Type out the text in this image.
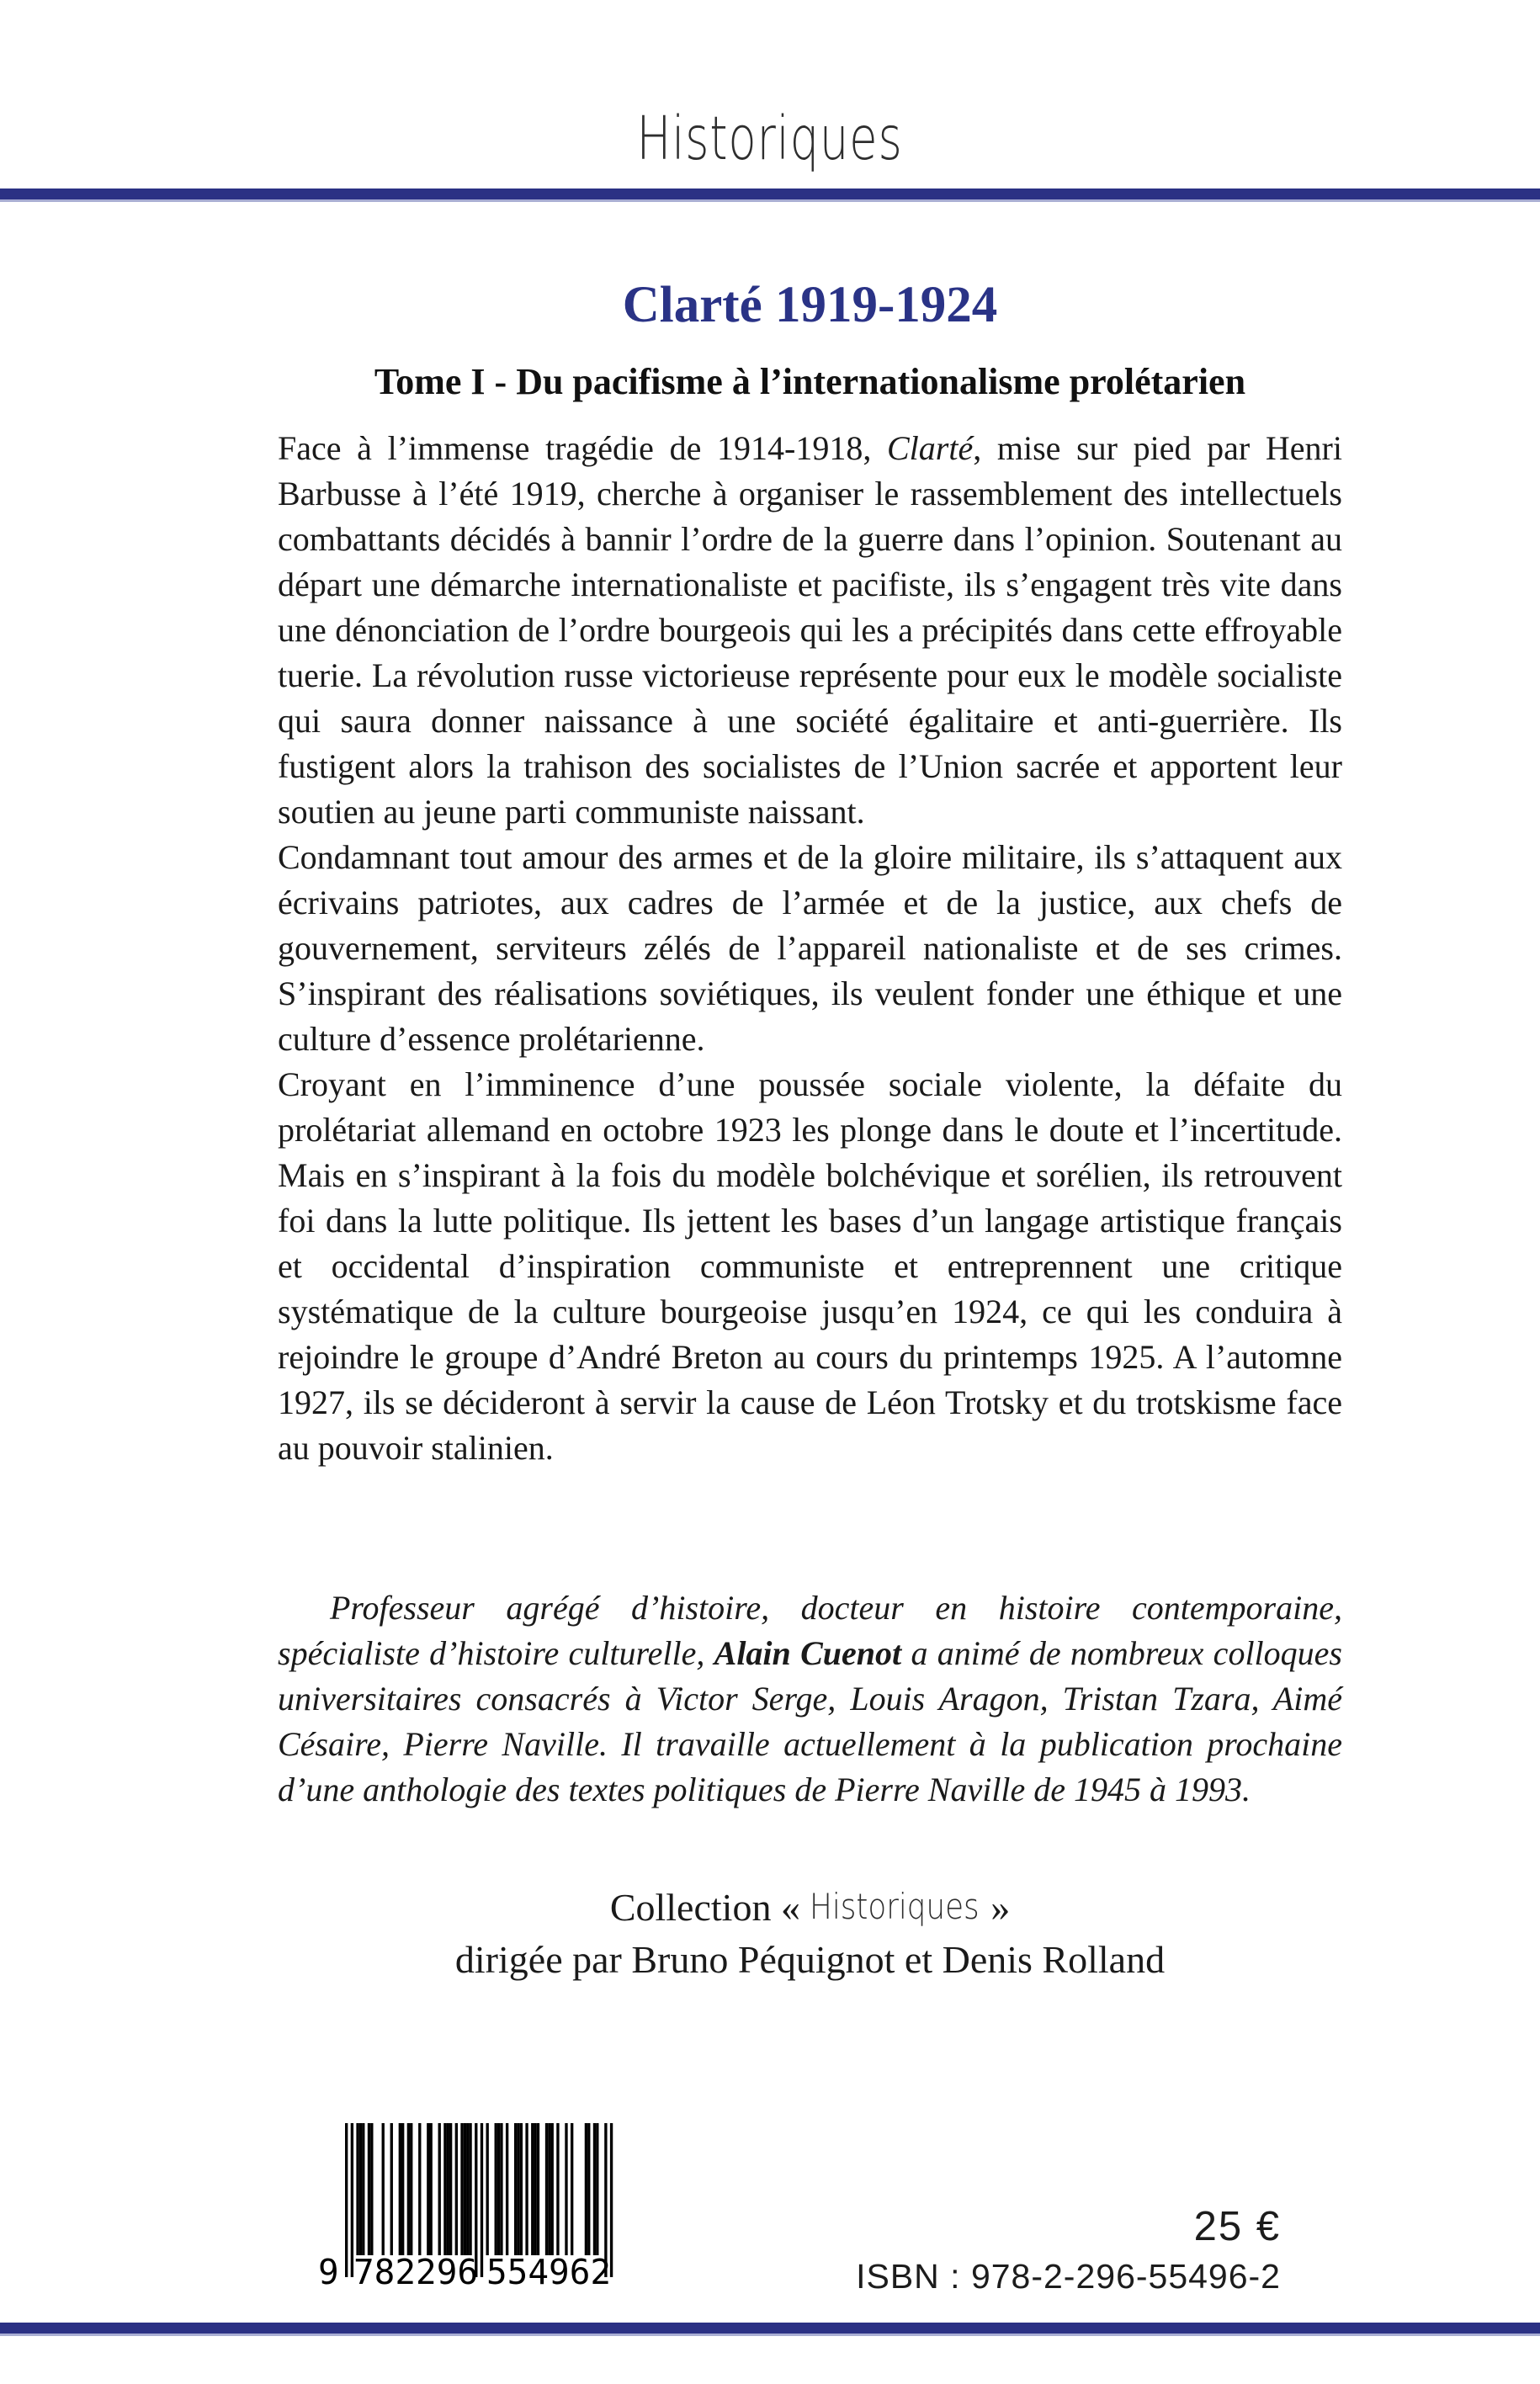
Historiques
Clarté 1919-1924
Tome I - Du pacifisme à l’internationalisme prolétarien

Face à l’immense tragédie de 1914-1918, Clarté, mise sur pied par Henri Barbusse à l’été 1919, cherche à organiser le rassemblement des intellectuels combattants décidés à bannir l’ordre de la guerre dans l’opinion. Soutenant au départ une démarche internationaliste et pacifiste, ils s’engagent très vite dans une dénonciation de l’ordre bourgeois qui les a précipités dans cette effroyable tuerie. La révolution russe victorieuse représente pour eux le modèle socialiste qui saura donner naissance à une société égalitaire et anti-guerrière. Ils fustigent alors la trahison des socialistes de l’Union sacrée et apportent leur soutien au jeune parti communiste naissant.

Condamnant tout amour des armes et de la gloire militaire, ils s’attaquent aux écrivains patriotes, aux cadres de l’armée et de la justice, aux chefs de gouvernement, serviteurs zélés de l’appareil nationaliste et de ses crimes. S’inspirant des réalisations soviétiques, ils veulent fonder une éthique et une culture d’essence prolétarienne.

Croyant en l’imminence d’une poussée sociale violente, la défaite du prolétariat allemand en octobre 1923 les plonge dans le doute et l’incertitude. Mais en s’inspirant à la fois du modèle bolchévique et sorélien, ils retrouvent foi dans la lutte politique. Ils jettent les bases d’un langage artistique français et occidental d’inspiration communiste et entreprennent une critique systématique de la culture bourgeoise jusqu’en 1924, ce qui les conduira à rejoindre le groupe d’André Breton au cours du printemps 1925. A l’automne 1927, ils se décideront à servir la cause de Léon Trotsky et du trotskisme face au pouvoir stalinien.

Professeur agrégé d’histoire, docteur en histoire contemporaine, spécialiste d’histoire culturelle, Alain Cuenot a animé de nombreux colloques universitaires consacrés à Victor Serge, Louis Aragon, Tristan Tzara, Aimé Césaire, Pierre Naville. Il travaille actuellement à la publication prochaine d’une anthologie des textes politiques de Pierre Naville de 1945 à 1993.
Collection « Historiques »
dirigée par Bruno Péquignot et Denis Rolland
9 782296 554962
25 €
ISBN : 978-2-296-55496-2
